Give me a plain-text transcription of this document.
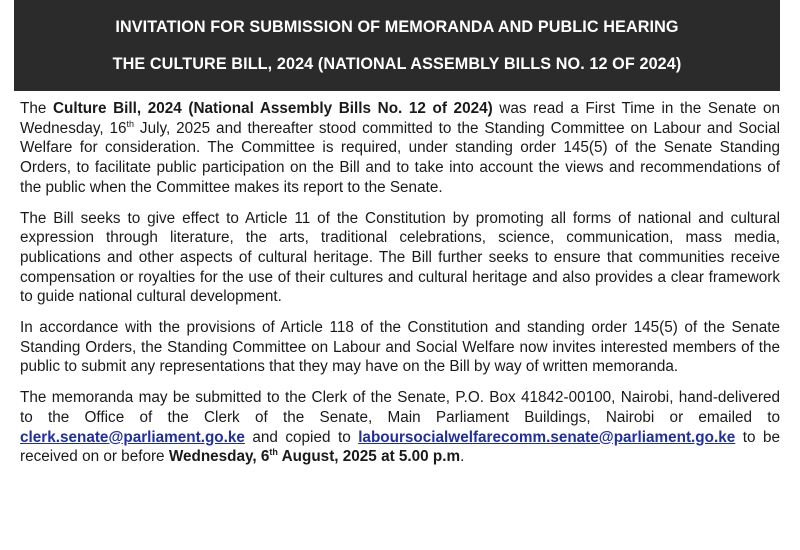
INVITATION FOR SUBMISSION OF MEMORANDA AND PUBLIC HEARING
THE CULTURE BILL, 2024 (NATIONAL ASSEMBLY BILLS NO. 12 OF 2024)

The Culture Bill, 2024 (National Assembly Bills No. 12 of 2024) was read a First Time in the Senate on Wednesday, 16th July, 2025 and thereafter stood committed to the Standing Committee on Labour and Social Welfare for consideration. The Committee is required, under standing order 145(5) of the Senate Standing Orders, to facilitate public participation on the Bill and to take into account the views and recommendations of the public when the Committee makes its report to the Senate.

The Bill seeks to give effect to Article 11 of the Constitution by promoting all forms of national and cultural expression through literature, the arts, traditional celebrations, science, communication, mass media, publications and other aspects of cultural heritage. The Bill further seeks to ensure that communities receive compensation or royalties for the use of their cultures and cultural heritage and also provides a clear framework to guide national cultural development.

In accordance with the provisions of Article 118 of the Constitution and standing order 145(5) of the Senate Standing Orders, the Standing Committee on Labour and Social Welfare now invites interested members of the public to submit any representations that they may have on the Bill by way of written memoranda.

The memoranda may be submitted to the Clerk of the Senate, P.O. Box 41842-00100, Nairobi, hand-delivered to the Office of the Clerk of the Senate, Main Parliament Buildings, Nairobi or emailed to clerk.senate@parliament.go.ke and copied to laboursocialwelfarecomm.senate@parliament.go.ke to be received on or before Wednesday, 6th August, 2025 at 5.00 p.m.
